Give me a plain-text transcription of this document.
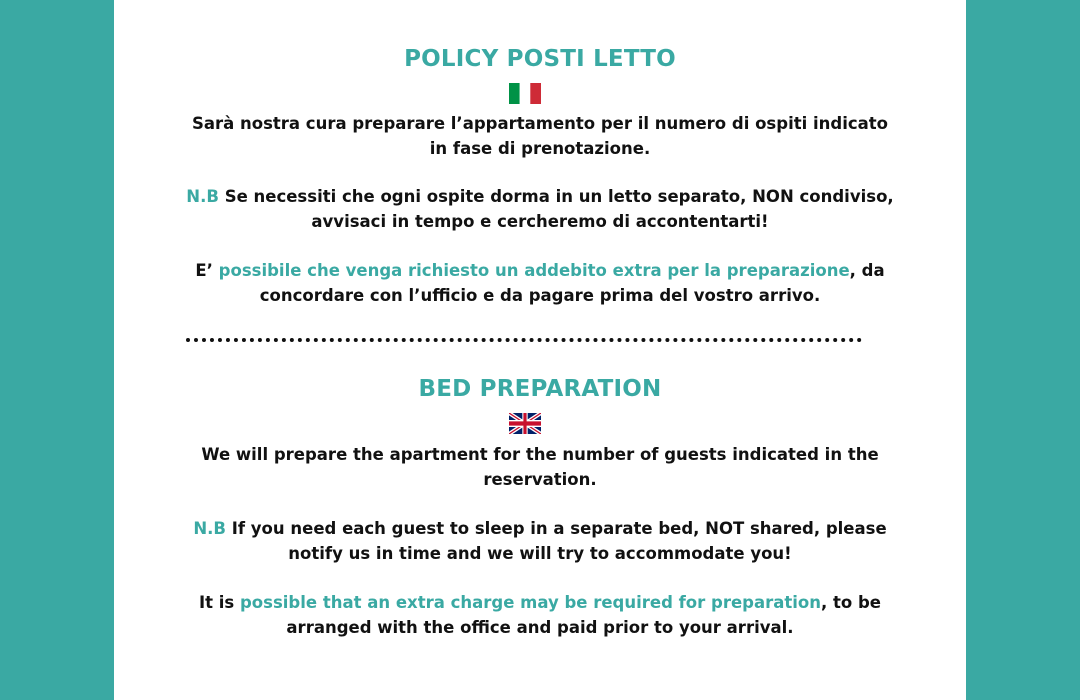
POLICY POSTI LETTO
Sarà nostra cura preparare l’appartamento per il numero di ospiti indicato
in fase di prenotazione.
N.B Se necessiti che ogni ospite dorma in un letto separato, NON condiviso,
avvisaci in tempo e cercheremo di accontentarti!
E’ possibile che venga richiesto un addebito extra per la preparazione, da
concordare con l’ufficio e da pagare prima del vostro arrivo.
BED PREPARATION
We will prepare the apartment for the number of guests indicated in the
reservation.
N.B If you need each guest to sleep in a separate bed, NOT shared, please
notify us in time and we will try to accommodate you!
It is possible that an extra charge may be required for preparation, to be
arranged with the office and paid prior to your arrival.
